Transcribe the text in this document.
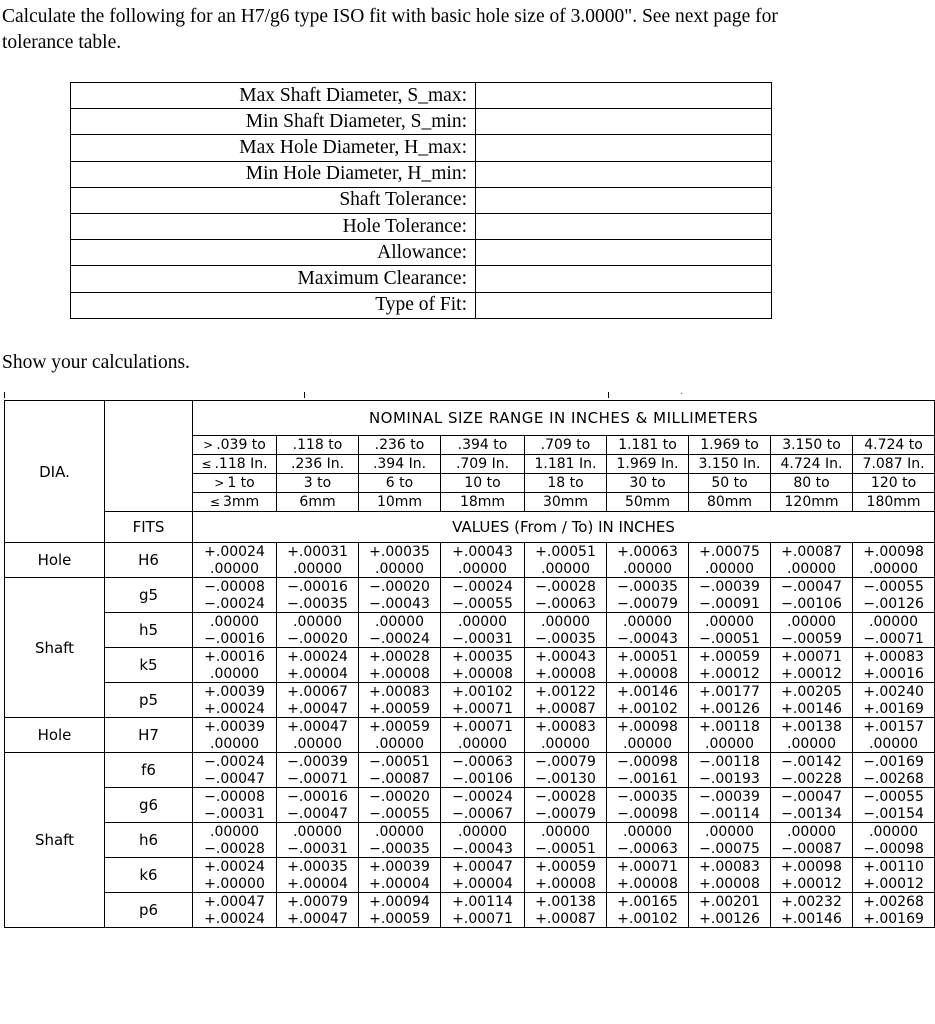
Calculate the following for an H7/g6 type ISO fit with basic hole size of 3.0000". See next page for
tolerance table.
Max Shaft Diameter, S_max:	
Min Shaft Diameter, S_min:	
Max Hole Diameter, H_max:	
Min Hole Diameter, H_min:	
Shaft Tolerance:	
Hole Tolerance:	
Allowance:	
Maximum Clearance:	
Type of Fit:	
Show your calculations.
·
DIA.		NOMINAL SIZE RANGE IN INCHES & MILLIMETERS								
		> .039 to	.118 to	.236 to	.394 to	.709 to	1.181 to	1.969 to	3.150 to	4.724 to
		≤ .118 In.	.236 In.	.394 In.	.709 In.	1.181 In.	1.969 In.	3.150 In.	4.724 In.	7.087 In.
		> 1 to	3 to	6 to	10 to	18 to	30 to	50 to	80 to	120 to
		≤ 3mm	6mm	10mm	18mm	30mm	50mm	80mm	120mm	180mm
	FITS	VALUES (From / To) IN INCHES								
Hole	H6	+.00024	+.00031	+.00035	+.00043	+.00051	+.00063	+.00075	+.00087	+.00098
		.00000	.00000	.00000	.00000	.00000	.00000	.00000	.00000	.00000
Shaft	g5	−.00008	−.00016	−.00020	−.00024	−.00028	−.00035	−.00039	−.00047	−.00055
		−.00024	−.00035	−.00043	−.00055	−.00063	−.00079	−.00091	−.00106	−.00126
	h5	.00000	.00000	.00000	.00000	.00000	.00000	.00000	.00000	.00000
		−.00016	−.00020	−.00024	−.00031	−.00035	−.00043	−.00051	−.00059	−.00071
	k5	+.00016	+.00024	+.00028	+.00035	+.00043	+.00051	+.00059	+.00071	+.00083
		.00000	+.00004	+.00008	+.00008	+.00008	+.00008	+.00012	+.00012	+.00016
	p5	+.00039	+.00067	+.00083	+.00102	+.00122	+.00146	+.00177	+.00205	+.00240
		+.00024	+.00047	+.00059	+.00071	+.00087	+.00102	+.00126	+.00146	+.00169
Hole	H7	+.00039	+.00047	+.00059	+.00071	+.00083	+.00098	+.00118	+.00138	+.00157
		.00000	.00000	.00000	.00000	.00000	.00000	.00000	.00000	.00000
Shaft	f6	−.00024	−.00039	−.00051	−.00063	−.00079	−.00098	−.00118	−.00142	−.00169
		−.00047	−.00071	−.00087	−.00106	−.00130	−.00161	−.00193	−.00228	−.00268
	g6	−.00008	−.00016	−.00020	−.00024	−.00028	−.00035	−.00039	−.00047	−.00055
		−.00031	−.00047	−.00055	−.00067	−.00079	−.00098	−.00114	−.00134	−.00154
	h6	.00000	.00000	.00000	.00000	.00000	.00000	.00000	.00000	.00000
		−.00028	−.00031	−.00035	−.00043	−.00051	−.00063	−.00075	−.00087	−.00098
	k6	+.00024	+.00035	+.00039	+.00047	+.00059	+.00071	+.00083	+.00098	+.00110
		+.00000	+.00004	+.00004	+.00004	+.00008	+.00008	+.00008	+.00012	+.00012
	p6	+.00047	+.00079	+.00094	+.00114	+.00138	+.00165	+.00201	+.00232	+.00268
		+.00024	+.00047	+.00059	+.00071	+.00087	+.00102	+.00126	+.00146	+.00169
